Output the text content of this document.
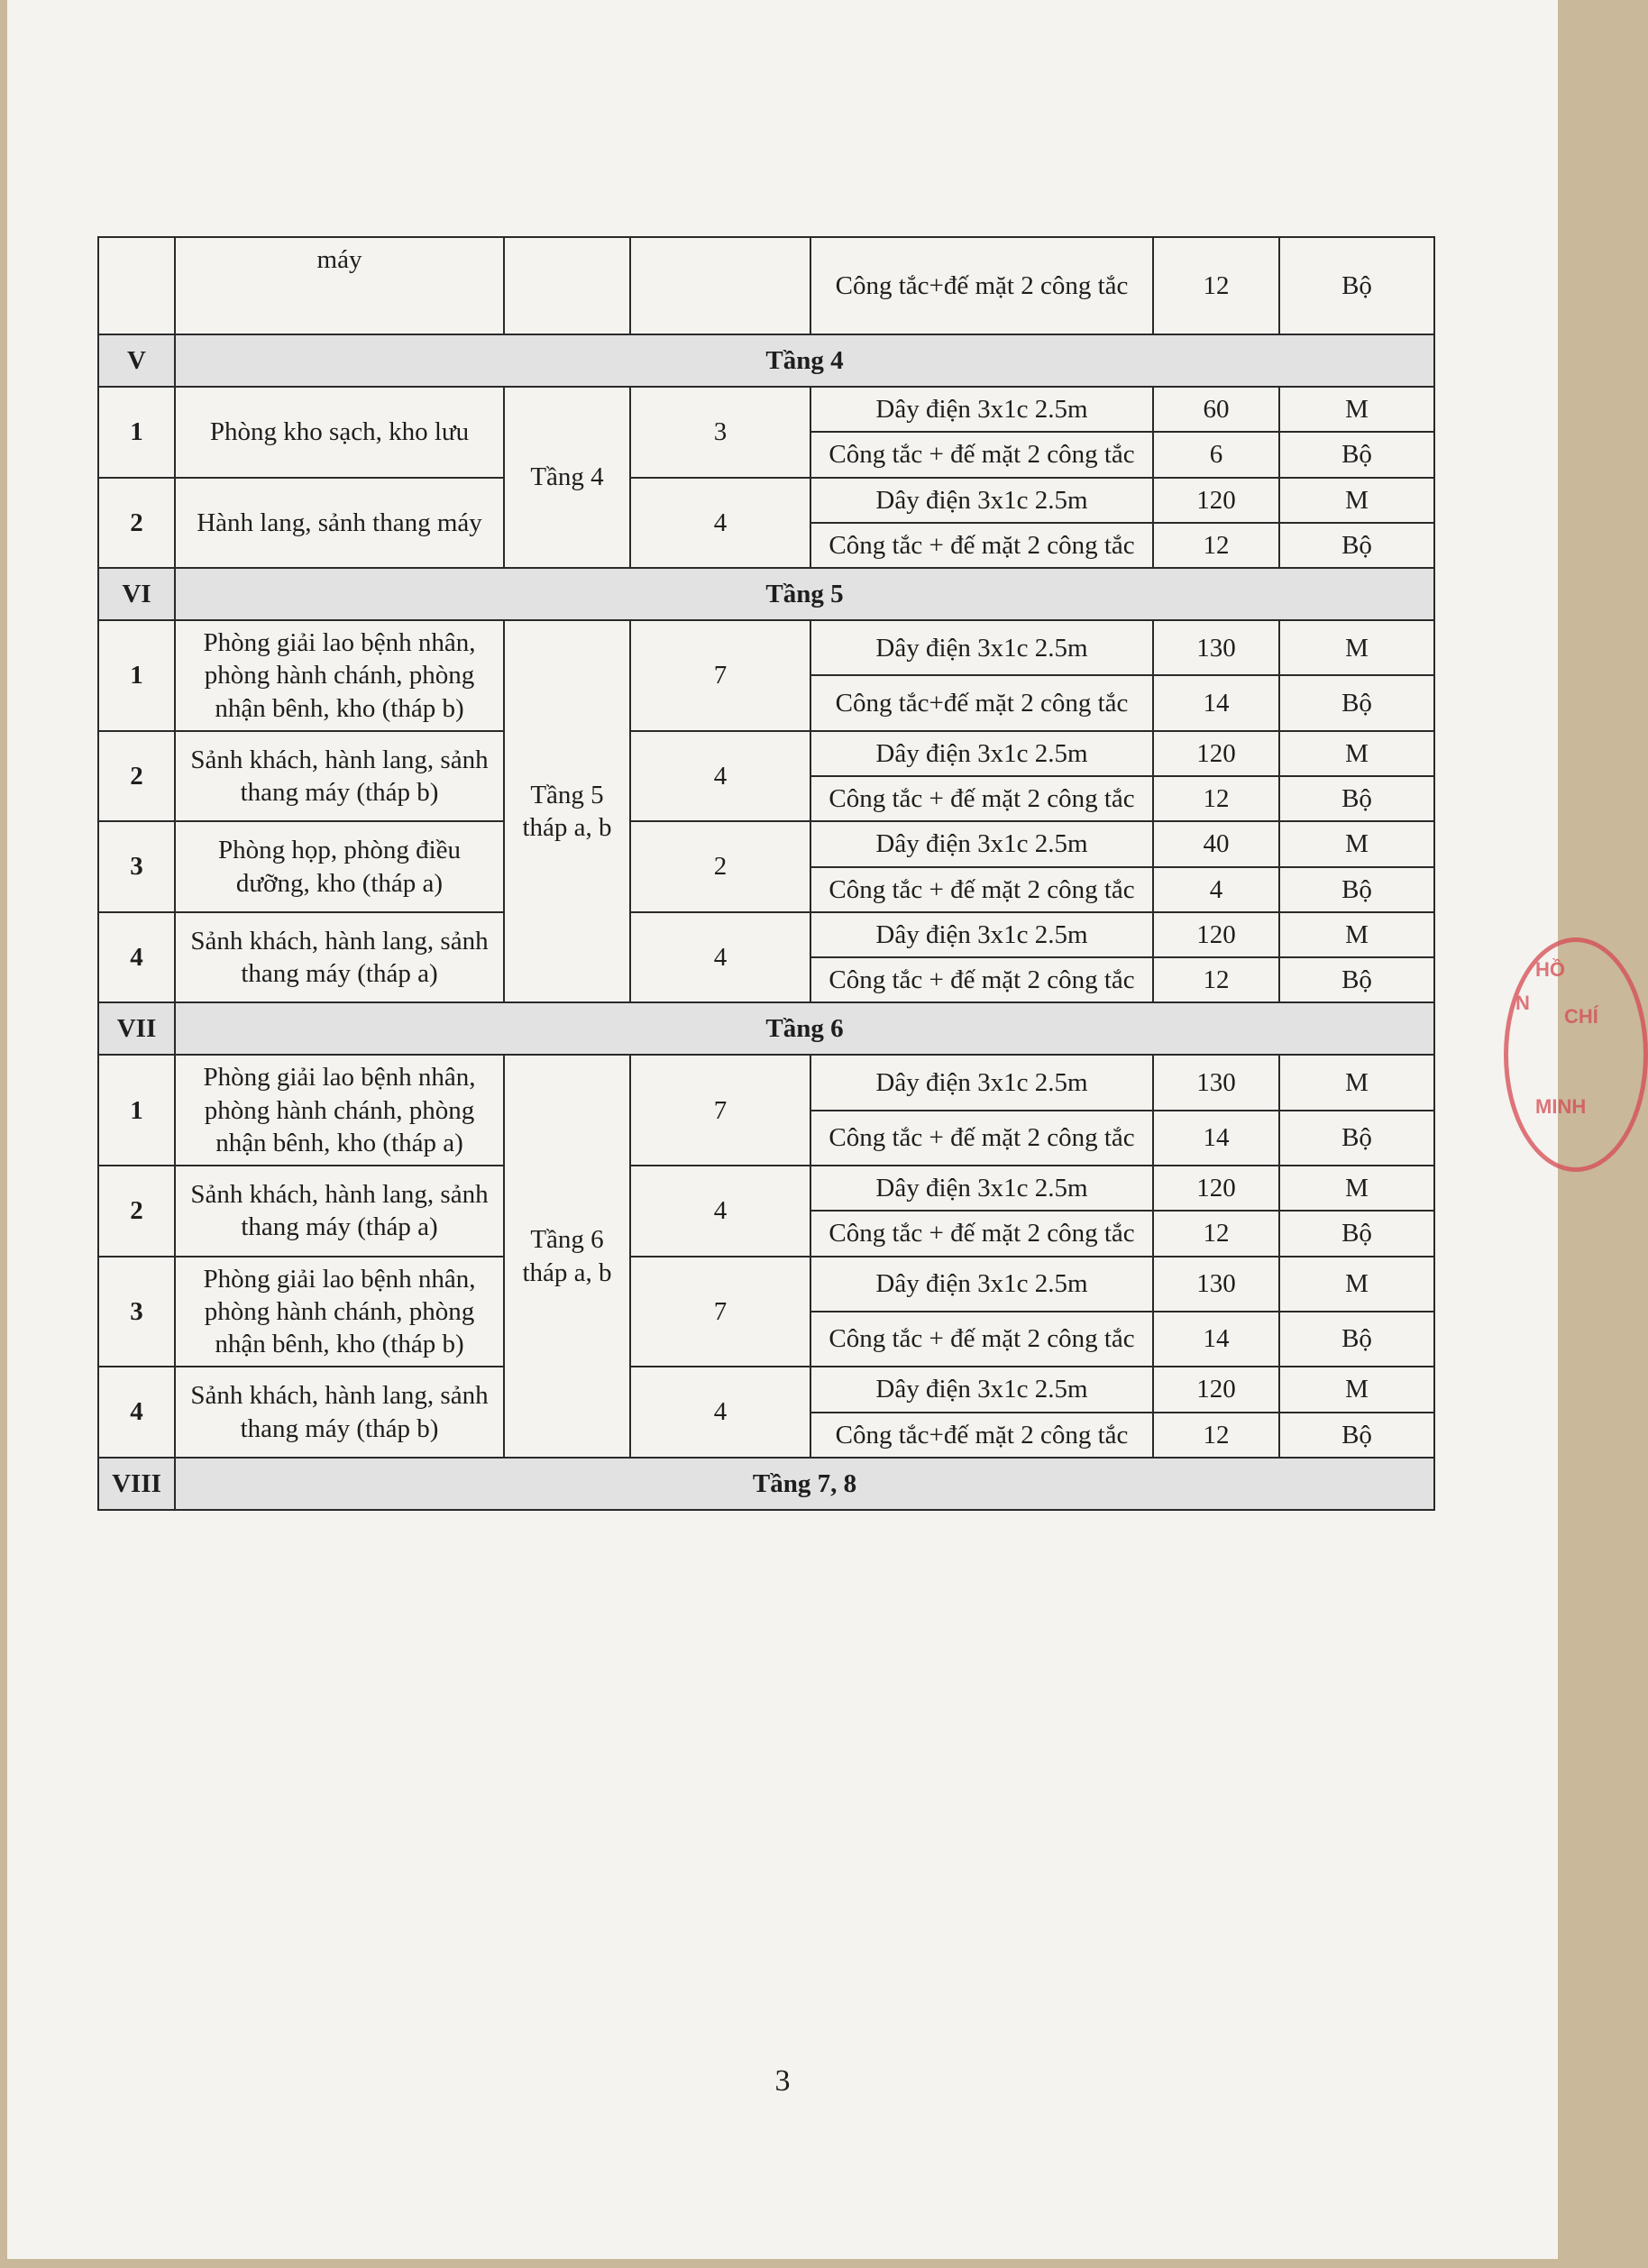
	máy			Công tắc+đế mặt 2 công tắc	12	Bộ
V	Tầng 4					
1	Phòng kho sạch, kho lưu	Tầng 4	3	Dây điện 3x1c 2.5m	60	M
				Công tắc + đế mặt 2 công tắc	6	Bộ
2	Hành lang, sảnh thang máy		4	Dây điện 3x1c 2.5m	120	M
				Công tắc + đế mặt 2 công tắc	12	Bộ
VI	Tầng 5					
1	Phòng giải lao bệnh nhân, phòng hành chánh, phòng nhận bênh, kho (tháp b)	Tầng 5 tháp a, b	7	Dây điện 3x1c 2.5m	130	M
				Công tắc+đế mặt 2 công tắc	14	Bộ
2	Sảnh khách, hành lang, sảnh thang máy (tháp b)		4	Dây điện 3x1c 2.5m	120	M
				Công tắc + đế mặt 2 công tắc	12	Bộ
3	Phòng họp, phòng điều dưỡng, kho (tháp a)		2	Dây điện 3x1c 2.5m	40	M
				Công tắc + đế mặt 2 công tắc	4	Bộ
4	Sảnh khách, hành lang, sảnh thang máy (tháp a)		4	Dây điện 3x1c 2.5m	120	M
				Công tắc + đế mặt 2 công tắc	12	Bộ
VII	Tầng 6					
1	Phòng giải lao bệnh nhân, phòng hành chánh, phòng nhận bênh, kho (tháp a)	Tầng 6 tháp a, b	7	Dây điện 3x1c 2.5m	130	M
				Công tắc + đế mặt 2 công tắc	14	Bộ
2	Sảnh khách, hành lang, sảnh thang máy (tháp a)		4	Dây điện 3x1c 2.5m	120	M
				Công tắc + đế mặt 2 công tắc	12	Bộ
3	Phòng giải lao bệnh nhân, phòng hành chánh, phòng nhận bênh, kho (tháp b)		7	Dây điện 3x1c 2.5m	130	M
				Công tắc + đế mặt 2 công tắc	14	Bộ
4	Sảnh khách, hành lang, sảnh thang máy (tháp b)		4	Dây điện 3x1c 2.5m	120	M
				Công tắc+đế mặt 2 công tắc	12	Bộ
VIII	Tầng 7, 8					
3
N
HỒ
CHÍ
MINH
